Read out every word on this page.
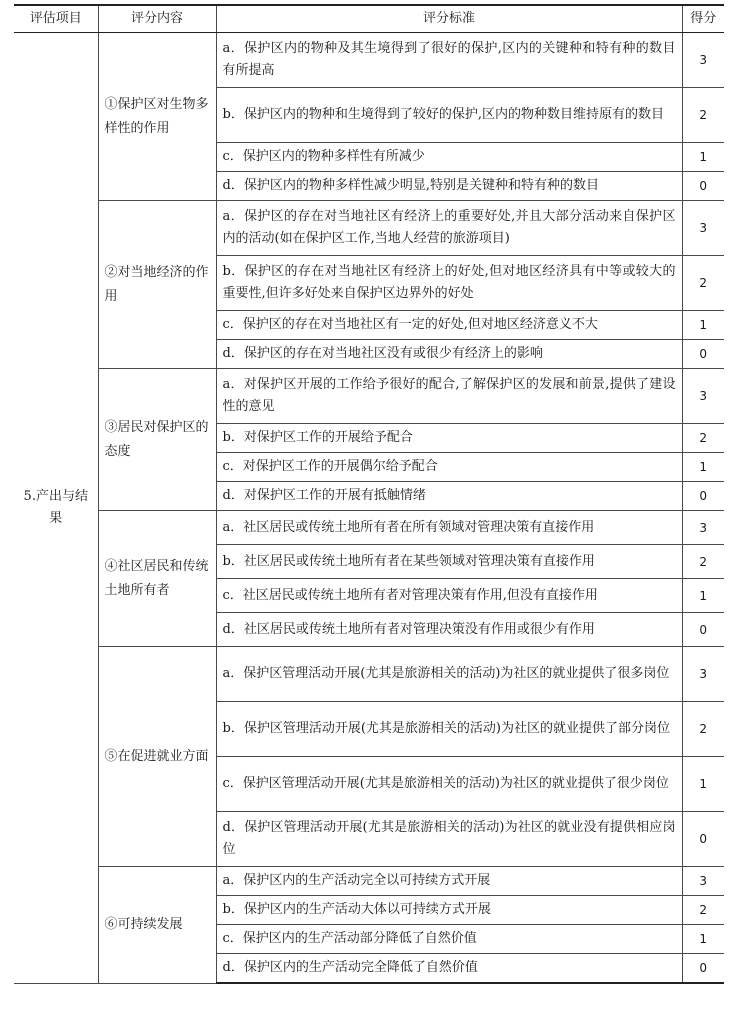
评估项目	评分内容	评分标准	得分
5.产出与结果	①保护区对生物多样性的作用	a．保护区内的物种及其生境得到了很好的保护,区内的关键种和特有种的数目有所提高	3
		b．保护区内的物种和生境得到了较好的保护,区内的物种数目维持原有的数目	2
		c．保护区内的物种多样性有所减少	1
		d．保护区内的物种多样性减少明显,特别是关键种和特有种的数目	0
	②对当地经济的作用	a．保护区的存在对当地社区有经济上的重要好处,并且大部分活动来自保护区内的活动(如在保护区工作,当地人经营的旅游项目)	3
		b．保护区的存在对当地社区有经济上的好处,但对地区经济具有中等或较大的重要性,但许多好处来自保护区边界外的好处	2
		c．保护区的存在对当地社区有一定的好处,但对地区经济意义不大	1
		d．保护区的存在对当地社区没有或很少有经济上的影响	0
	③居民对保护区的态度	a．对保护区开展的工作给予很好的配合,了解保护区的发展和前景,提供了建设性的意见	3
		b．对保护区工作的开展给予配合	2
		c．对保护区工作的开展偶尔给予配合	1
		d．对保护区工作的开展有抵触情绪	0
	④社区居民和传统土地所有者	a．社区居民或传统土地所有者在所有领域对管理决策有直接作用	3
		b．社区居民或传统土地所有者在某些领域对管理决策有直接作用	2
		c．社区居民或传统土地所有者对管理决策有作用,但没有直接作用	1
		d．社区居民或传统土地所有者对管理决策没有作用或很少有作用	0
	⑤在促进就业方面	a．保护区管理活动开展(尤其是旅游相关的活动)为社区的就业提供了很多岗位	3
		b．保护区管理活动开展(尤其是旅游相关的活动)为社区的就业提供了部分岗位	2
		c．保护区管理活动开展(尤其是旅游相关的活动)为社区的就业提供了很少岗位	1
		d．保护区管理活动开展(尤其是旅游相关的活动)为社区的就业没有提供相应岗位	0
	⑥可持续发展	a．保护区内的生产活动完全以可持续方式开展	3
		b．保护区内的生产活动大体以可持续方式开展	2
		c．保护区内的生产活动部分降低了自然价值	1
		d．保护区内的生产活动完全降低了自然价值	0
